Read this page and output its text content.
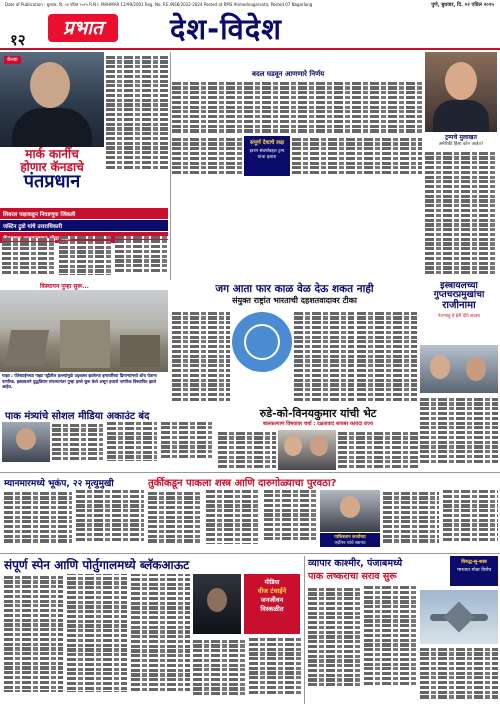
Date of Publication : बुधवार, दि. ०३ एप्रिल २०२५ R.N.I. MAHMAR 12/99/2001 Reg. No. P.E./NSK/2022-2024 Posted at RMS Ahmednagarsata, Posted 07 Nagarlang	पुणे, बुधवार, दि. ०२ एप्रिल २०२५
१२
प्रभात	देश-विदेश
कॅनडा
मार्क कार्नीच
होणार कॅनडाचे
पंतप्रधान
लिबरल पक्षाकडून निवडणूक जिंकली
जस्टिन ट्रुडो यांचे उत्तराधिकारी
बदल घडवून आणणारे निर्णय
संपूर्ण देशाचे लक्ष
इराण संघर्षाबद्दल ट्रम्प यांचा इशारा
ट्रम्पचे मुलाखत
अमेरिकी हिंसा कोन आहेत?
विस्थापन पुन्हा सुरू...
गाझा : पॅलेस्टाईनच्या गाझा पट्टीतील हल्ल्यांमुळे उद्ध्वस्त झालेल्या इमारतींच्या ढिगाऱ्यांमध्ये शोध घेताना नागरिक. इस्त्रायलने युद्धविराम संपल्यानंतर पुन्हा हल्ले सुरू केले असून हजारो नागरिक विस्थापित झाले आहेत.
जग आता फार काळ वेळ देऊ शकत नाही
संयुक्त राष्ट्रांत भारताची दहशतवादावर टीका
इस्त्रायलच्या
गुप्तचरप्रमुखांचा
राजीनामा
नेतन्याहू हे हेरी देति सदस्य
पाक मंत्र्यांचे सोशल मीडिया अकाउंट बंद	रुडे-को-विनयकुमार यांची भेट
बालकल्याण विषयावर चर्चा : दक्षतावाद सायबर कायदा राज्य
म्यानमारमध्ये भूकंप, २२ मृत्युमुखी	तुर्कीकडून पाकला शस्त्र आणि दारुगोळ्याचा पुरवठा?
पाकिस्तान कर्जाच्या
एर्दोगन यांचे स्वागत
संपूर्ण स्पेन आणि पोर्तुगालमध्ये ब्लॅकआऊट
मीडिया
वीज टंचाईने
जनजीवन
विस्कळीत
व्यापार काश्मीर, पंजाबमध्ये
पाक लष्कराचा सराव सुरू
विरुद्ध-सु-शस्त्र
भारतात मोठा विरोध
